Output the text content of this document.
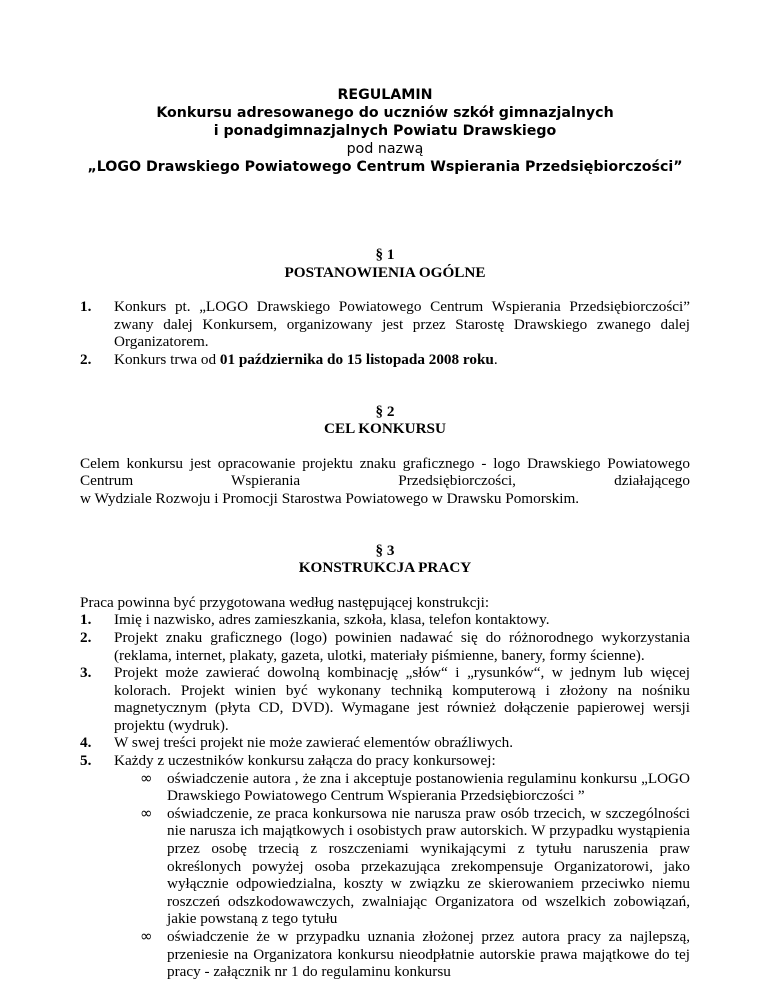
REGULAMIN
Konkursu adresowanego do uczniów szkół gimnazjalnych
i ponadgimnazjalnych Powiatu Drawskiego
pod nazwą
„LOGO Drawskiego Powiatowego Centrum Wspierania Przedsiębiorczości”
§ 1
POSTANOWIENIA OGÓLNE
1. Konkurs pt. „LOGO Drawskiego Powiatowego Centrum Wspierania Przedsiębiorczości” zwany dalej Konkursem, organizowany jest przez Starostę Drawskiego zwanego dalej Organizatorem.
2. Konkurs trwa od 01 października do 15 listopada 2008 roku.
§ 2
CEL KONKURSU
Celem konkursu jest opracowanie projektu znaku graficznego - logo Drawskiego Powiatowego Centrum Wspierania Przedsiębiorczości, działającego
w Wydziale Rozwoju i Promocji Starostwa Powiatowego w Drawsku Pomorskim.
§ 3
KONSTRUKCJA PRACY
Praca powinna być przygotowana według następującej konstrukcji:
1. Imię i nazwisko, adres zamieszkania, szkoła, klasa, telefon kontaktowy.
2. Projekt znaku graficznego (logo) powinien nadawać się do różnorodnego wykorzystania (reklama, internet, plakaty, gazeta, ulotki, materiały piśmienne, banery, formy ścienne).
3. Projekt może zawierać dowolną kombinację „słów“ i „rysunków“, w jednym lub więcej kolorach. Projekt winien być wykonany techniką komputerową i złożony na nośniku magnetycznym (płyta CD, DVD). Wymagane jest również dołączenie papierowej wersji projektu (wydruk).
4. W swej treści projekt nie może zawierać elementów obraźliwych.
5. Każdy z uczestników konkursu załącza do pracy konkursowej:
∞ oświadczenie autora , że zna i akceptuje postanowienia regulaminu konkursu „LOGO Drawskiego Powiatowego Centrum Wspierania Przedsiębiorczości ”
∞ oświadczenie, ze praca konkursowa nie narusza praw osób trzecich, w szczególności nie narusza ich majątkowych i osobistych praw autorskich. W przypadku wystąpienia przez osobę trzecią z roszczeniami wynikającymi z tytułu naruszenia praw określonych powyżej osoba przekazująca zrekompensuje Organizatorowi, jako wyłącznie odpowiedzialna, koszty w związku ze skierowaniem przeciwko niemu roszczeń odszkodowawczych, zwalniając Organizatora od wszelkich zobowiązań, jakie powstaną z tego tytułu
∞ oświadczenie że w przypadku uznania złożonej przez autora pracy za najlepszą, przeniesie na Organizatora konkursu nieodpłatnie autorskie prawa majątkowe do tej pracy - załącznik nr 1 do regulaminu konkursu
